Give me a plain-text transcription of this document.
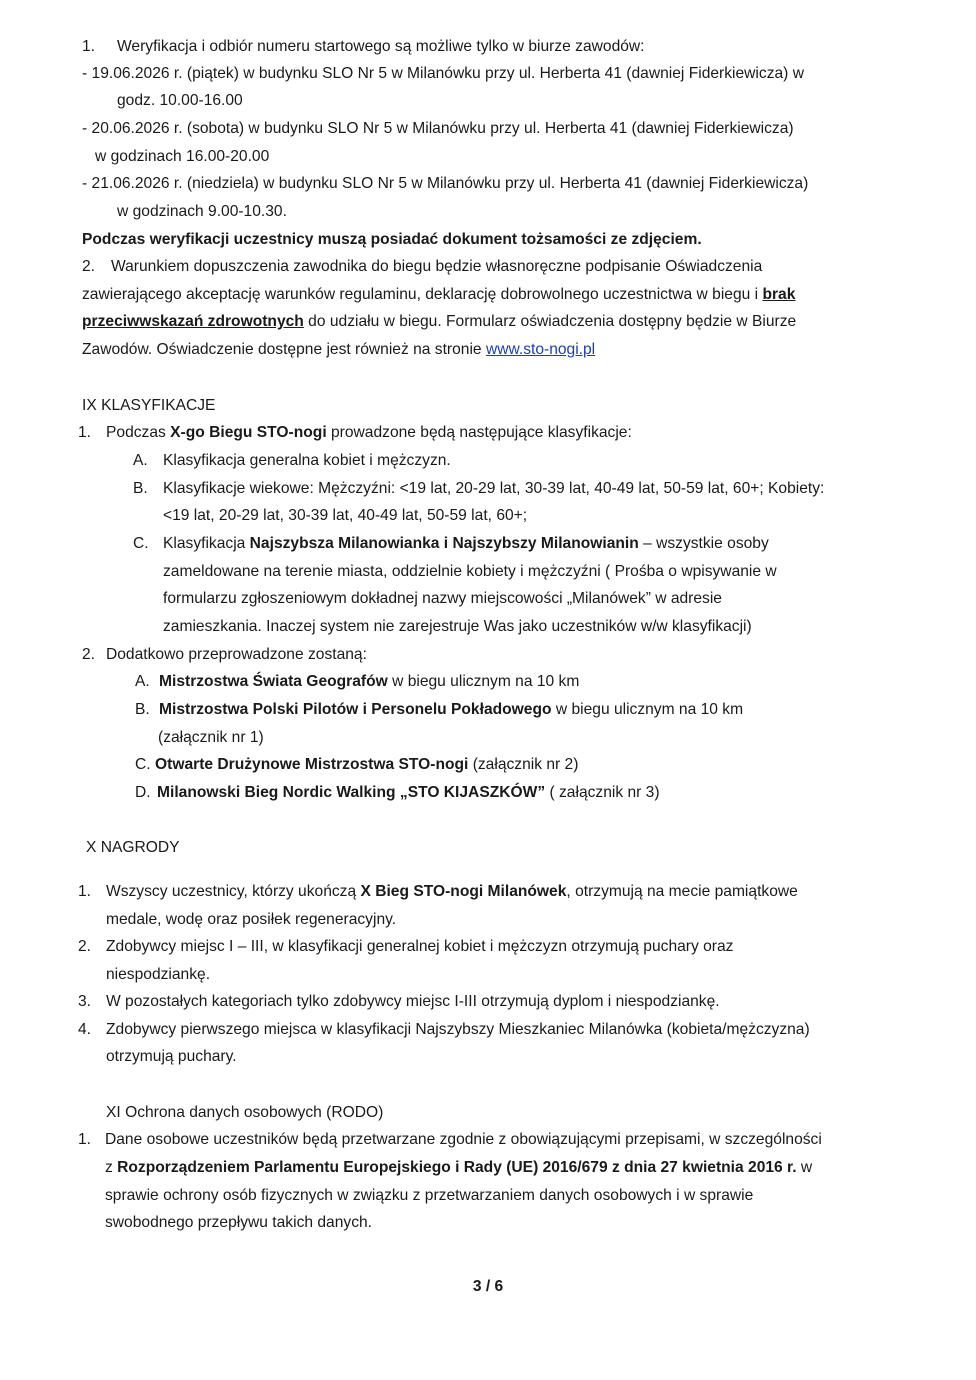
1. Weryfikacja i odbiór numeru startowego są możliwe tylko w biurze zawodów:
- 19.06.2026 r. (piątek) w budynku SLO Nr 5 w Milanówku przy ul. Herberta 41 (dawniej Fiderkiewicza) w
godz. 10.00-16.00
- 20.06.2026 r. (sobota) w budynku SLO Nr 5 w Milanówku przy ul. Herberta 41 (dawniej Fiderkiewicza)
w godzinach 16.00-20.00
- 21.06.2026 r. (niedziela) w budynku SLO Nr 5 w Milanówku przy ul. Herberta 41 (dawniej Fiderkiewicza)
w godzinach 9.00-10.30.
Podczas weryfikacji uczestnicy muszą posiadać dokument tożsamości ze zdjęciem.
2. Warunkiem dopuszczenia zawodnika do biegu będzie własnoręczne podpisanie Oświadczenia
zawierającego akceptację warunków regulaminu, deklarację dobrowolnego uczestnictwa w biegu i brak
przeciwwskazań zdrowotnych do udziału w biegu. Formularz oświadczenia dostępny będzie w Biurze
Zawodów. Oświadczenie dostępne jest również na stronie www.sto-nogi.pl
IX KLASYFIKACJE
1. Podczas X-go Biegu STO-nogi prowadzone będą następujące klasyfikacje:
A. Klasyfikacja generalna kobiet i mężczyzn.
B. Klasyfikacje wiekowe: Mężczyźni: <19 lat, 20-29 lat, 30-39 lat, 40-49 lat, 50-59 lat, 60+; Kobiety:
<19 lat, 20-29 lat, 30-39 lat, 40-49 lat, 50-59 lat, 60+;
C. Klasyfikacja Najszybsza Milanowianka i Najszybszy Milanowianin – wszystkie osoby
zameldowane na terenie miasta, oddzielnie kobiety i mężczyźni ( Prośba o wpisywanie w
formularzu zgłoszeniowym dokładnej nazwy miejscowości „Milanówek” w adresie
zamieszkania. Inaczej system nie zarejestruje Was jako uczestników w/w klasyfikacji)
2. Dodatkowo przeprowadzone zostaną:
A. Mistrzostwa Świata Geografów w biegu ulicznym na 10 km
B. Mistrzostwa Polski Pilotów i Personelu Pokładowego w biegu ulicznym na 10 km
(załącznik nr 1)
C. Otwarte Drużynowe Mistrzostwa STO-nogi (załącznik nr 2)
D. Milanowski Bieg Nordic Walking „STO KIJASZKÓW” ( załącznik nr 3)
X NAGRODY
1. Wszyscy uczestnicy, którzy ukończą X Bieg STO-nogi Milanówek, otrzymują na mecie pamiątkowe
medale, wodę oraz posiłek regeneracyjny.
2. Zdobywcy miejsc I – III, w klasyfikacji generalnej kobiet i mężczyzn otrzymują puchary oraz
niespodziankę.
3. W pozostałych kategoriach tylko zdobywcy miejsc I-III otrzymują dyplom i niespodziankę.
4. Zdobywcy pierwszego miejsca w klasyfikacji Najszybszy Mieszkaniec Milanówka (kobieta/mężczyzna)
otrzymują puchary.
XI Ochrona danych osobowych (RODO)
1. Dane osobowe uczestników będą przetwarzane zgodnie z obowiązującymi przepisami, w szczególności
z Rozporządzeniem Parlamentu Europejskiego i Rady (UE) 2016/679 z dnia 27 kwietnia 2016 r. w
sprawie ochrony osób fizycznych w związku z przetwarzaniem danych osobowych i w sprawie
swobodnego przepływu takich danych.
3 / 6
